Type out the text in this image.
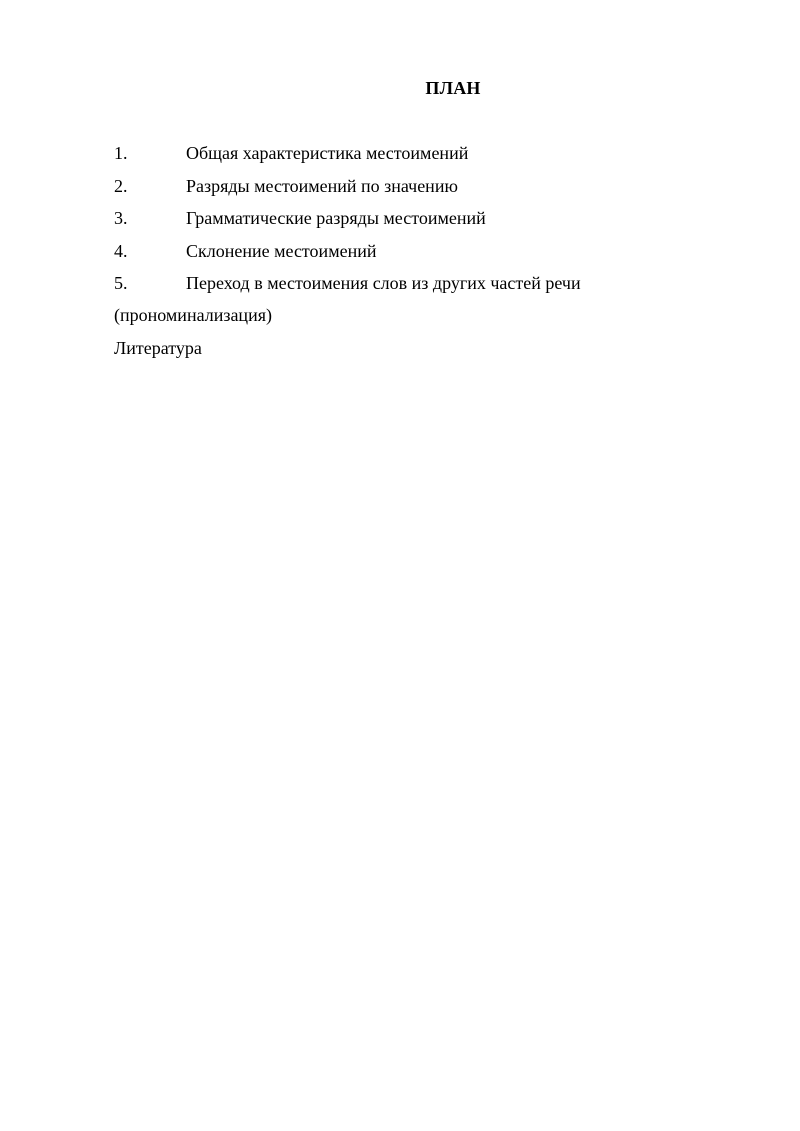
ПЛАН
1.	Общая характеристика местоимений
2.	Разряды местоимений по значению
3.	Грамматические разряды местоимений
4.	Склонение местоимений
5.	Переход в местоимения слов из других частей речи
(прономинализация)
Литература
